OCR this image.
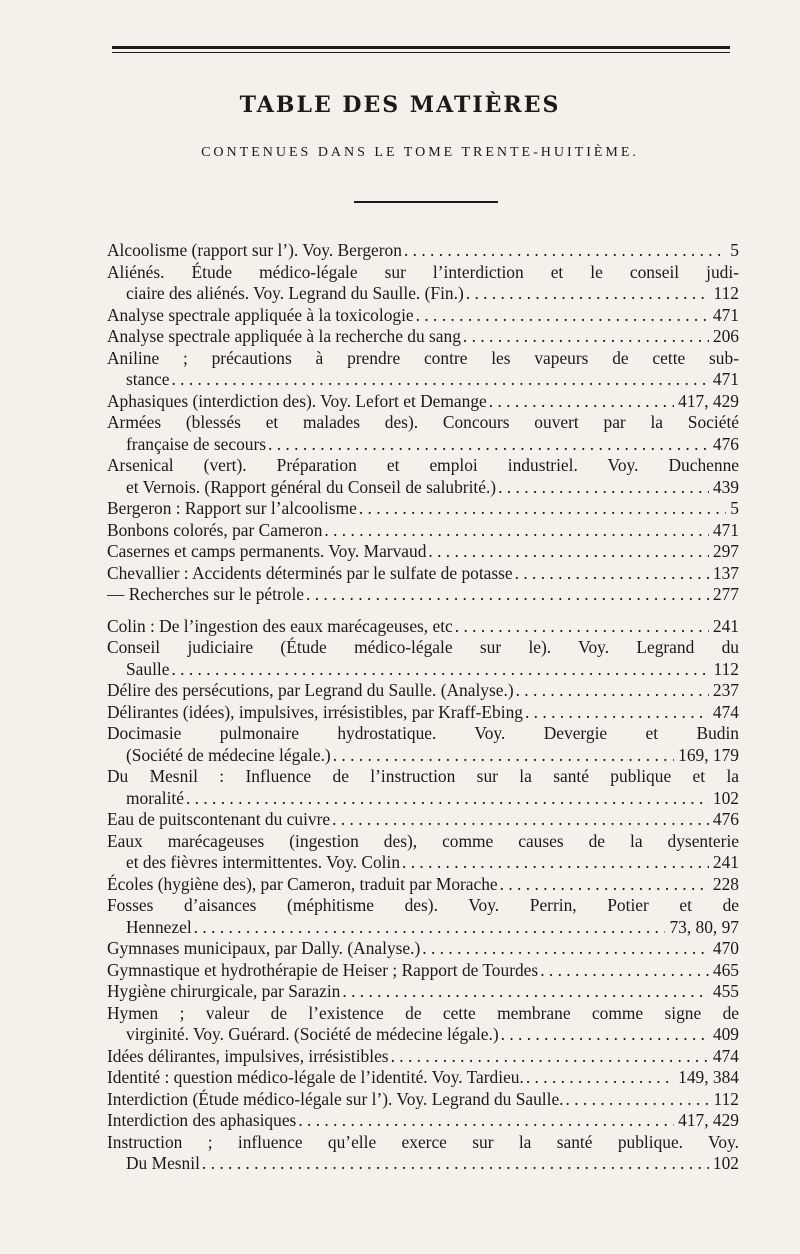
TABLE DES MATIÈRES
CONTENUES DANS LE TOME TRENTE-HUITIÈME.
Alcoolisme (rapport sur l’). Voy. Bergeron . . .	5
Aliénés. Étude médico-légale sur l’interdiction et le conseil judi-
ciaire des aliénés. Voy. Legrand du Saulle. (Fin.) . . .	112
Analyse spectrale appliquée à la toxicologie . . .	471
Analyse spectrale appliquée à la recherche du sang . . .	206
Aniline ; précautions à prendre contre les vapeurs de cette sub-
stance . . .	471
Aphasiques (interdiction des). Voy. Lefort et Demange . . .	417, 429
Armées (blessés et malades des). Concours ouvert par la Société
française de secours . . .	476
Arsenical (vert). Préparation et emploi industriel. Voy. Duchenne
et Vernois. (Rapport général du Conseil de salubrité.) . . .	439
Bergeron : Rapport sur l’alcoolisme . . .	5
Bonbons colorés, par Cameron . . .	471
Casernes et camps permanents. Voy. Marvaud . . .	297
Chevallier : Accidents déterminés par le sulfate de potasse . . .	137
— Recherches sur le pétrole . . .	277
Colin : De l’ingestion des eaux marécageuses, etc . . .	241
Conseil judiciaire (Étude médico-légale sur le). Voy. Legrand du
Saulle . . .	112
Délire des persécutions, par Legrand du Saulle. (Analyse.) . . .	237
Délirantes (idées), impulsives, irrésistibles, par Kraff-Ebing . . .	474
Docimasie pulmonaire hydrostatique. Voy. Devergie et Budin
(Société de médecine légale.) . . .	169, 179
Du Mesnil : Influence de l’instruction sur la santé publique et la
moralité . . .	102
Eau de puitscontenant du cuivre . . .	476
Eaux marécageuses (ingestion des), comme causes de la dysenterie
et des fièvres intermittentes. Voy. Colin . . .	241
Écoles (hygiène des), par Cameron, traduit par Morache . . .	228
Fosses d’aisances (méphitisme des). Voy. Perrin, Potier et de
Hennezel . . .	73, 80, 97
Gymnases municipaux, par Dally. (Analyse.) . . .	470
Gymnastique et hydrothérapie de Heiser ; Rapport de Tourdes . . .	465
Hygiène chirurgicale, par Sarazin . . .	455
Hymen ; valeur de l’existence de cette membrane comme signe de
virginité. Voy. Guérard. (Société de médecine légale.) . . .	409
Idées délirantes, impulsives, irrésistibles . . .	474
Identité : question médico-légale de l’identité. Voy. Tardieu. . . .	149, 384
Interdiction (Étude médico-légale sur l’). Voy. Legrand du Saulle. . . .	112
Interdiction des aphasiques . . .	417, 429
Instruction ; influence qu’elle exerce sur la santé publique. Voy.
Du Mesnil . . .	102
